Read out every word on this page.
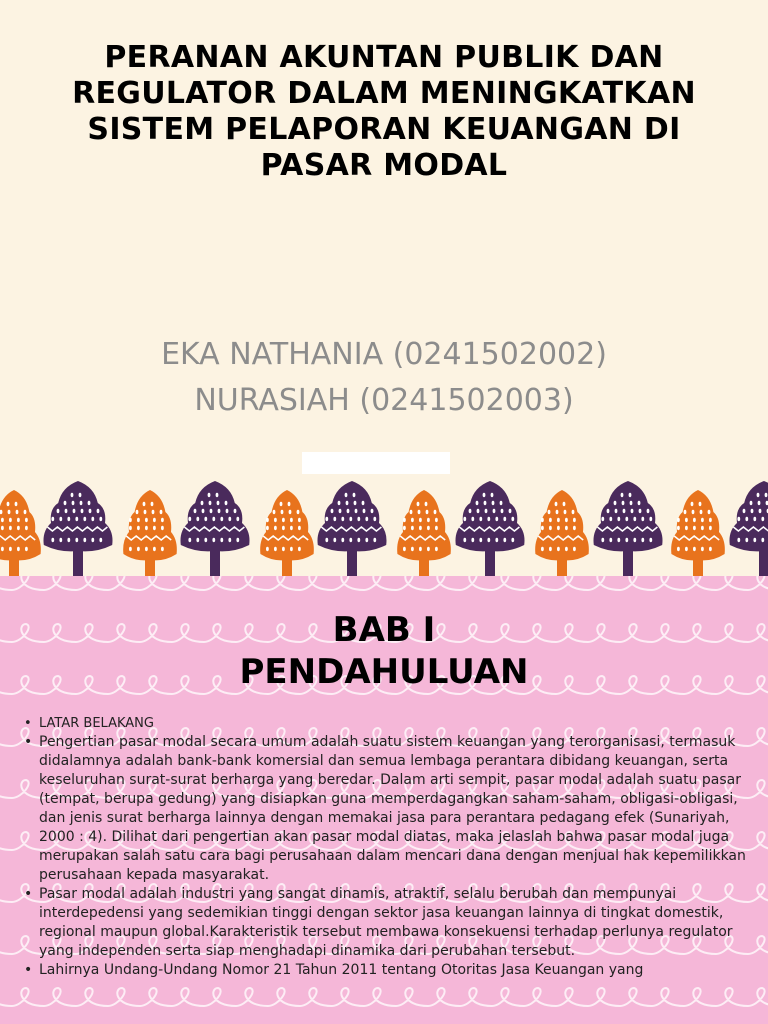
PERANAN AKUNTAN PUBLIK DAN REGULATOR DALAM MENINGKATKAN SISTEM PELAPORAN KEUANGAN DI PASAR MODAL
EKA NATHANIA (0241502002)
NURASIAH (0241502003)
BAB I
PENDAHULUAN
• LATAR BELAKANG
• Pengertian pasar modal secara umum adalah suatu sistem keuangan yang terorganisasi, termasuk didalamnya adalah bank-bank komersial dan semua lembaga perantara dibidang keuangan, serta keseluruhan surat-surat berharga yang beredar. Dalam arti sempit, pasar modal adalah suatu pasar (tempat, berupa gedung) yang disiapkan guna memperdagangkan saham-saham, obligasi-obligasi, dan jenis surat berharga lainnya dengan memakai jasa para perantara pedagang efek (Sunariyah, 2000 : 4). Dilihat dari pengertian akan pasar modal diatas, maka jelaslah bahwa pasar modal juga merupakan salah satu cara bagi perusahaan dalam mencari dana dengan menjual hak kepemilikkan perusahaan kepada masyarakat.
• Pasar modal adalah industri yang sangat dinamis, atraktif, selalu berubah dan mempunyai interdepedensi yang sedemikian tinggi dengan sektor jasa keuangan lainnya di tingkat domestik, regional maupun global.Karakteristik tersebut membawa konsekuensi terhadap perlunya regulator yang independen serta siap menghadapi dinamika dari perubahan tersebut.
• Lahirnya Undang-Undang Nomor 21 Tahun 2011 tentang Otoritas Jasa Keuangan yang
